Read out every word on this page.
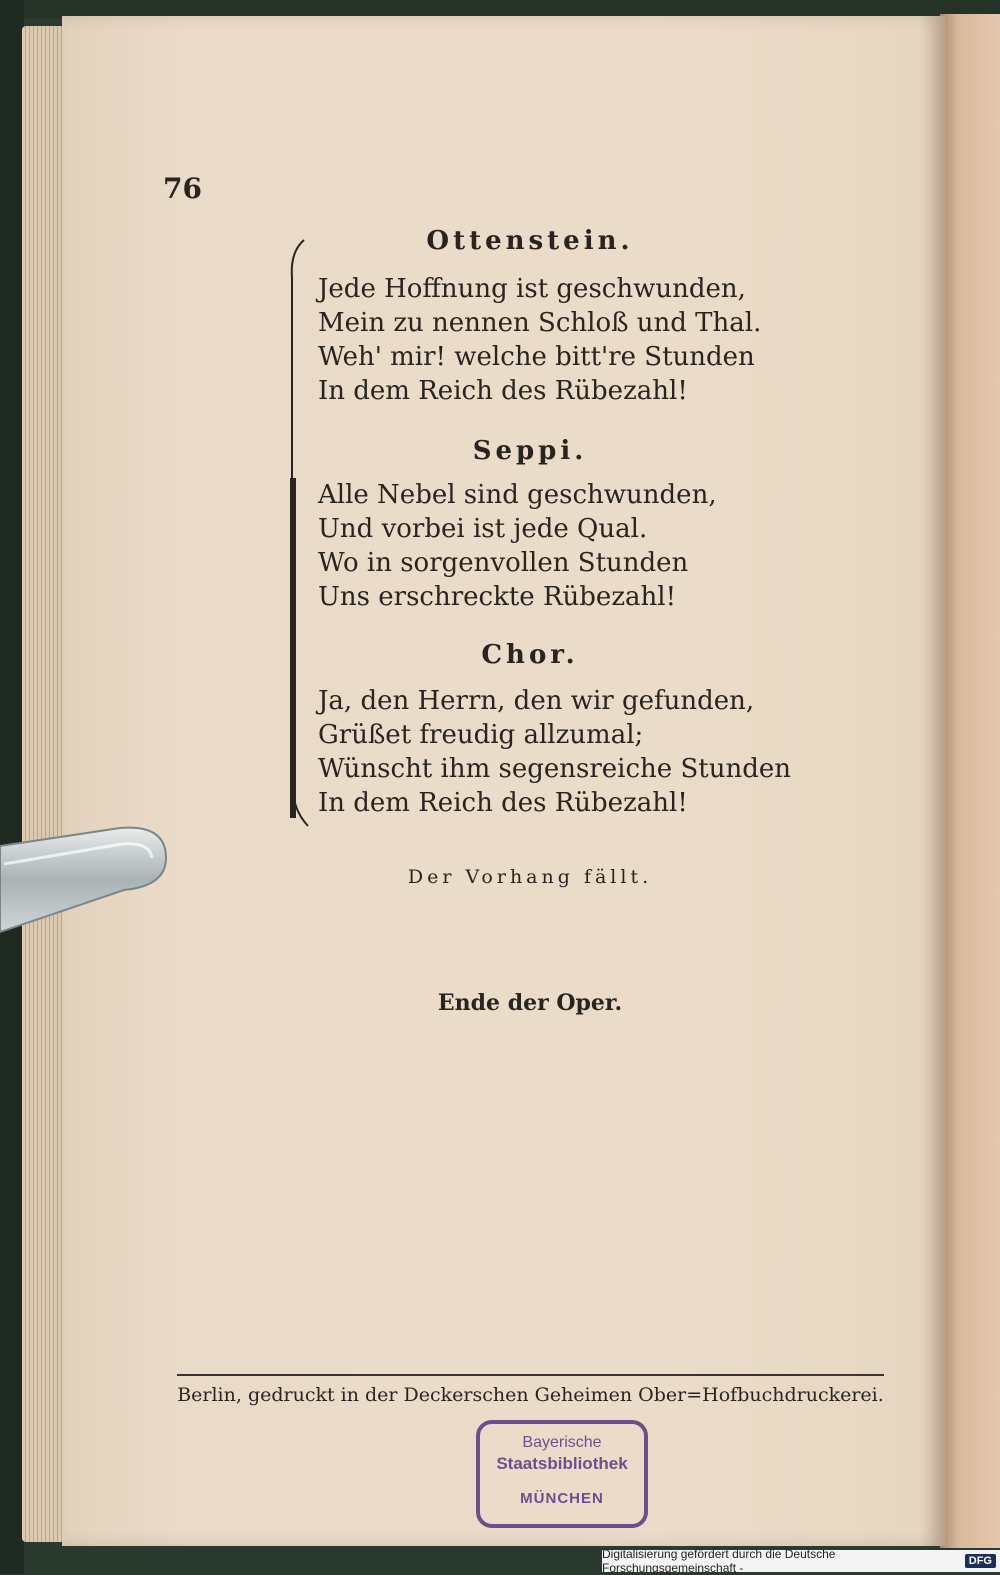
76
Ottenstein.
Jede Hoffnung ist geschwunden,
Mein zu nennen Schloß und Thal.
Weh' mir! welche bitt're Stunden
In dem Reich des Rübezahl!
Seppi.
Alle Nebel sind geschwunden,
Und vorbei ist jede Qual.
Wo in sorgenvollen Stunden
Uns erschreckte Rübezahl!
Chor.
Ja, den Herrn, den wir gefunden,
Grüßet freudig allzumal;
Wünscht ihm segensreiche Stunden
In dem Reich des Rübezahl!
Der Vorhang fällt.
Ende der Oper.
Berlin, gedruckt in der Deckerschen Geheimen Ober=Hofbuchdruckerei.
Bayerische
Staatsbibliothek
MÜNCHEN
Digitalisierung gefördert durch die Deutsche Forschungsgemeinschaft -	DFG
